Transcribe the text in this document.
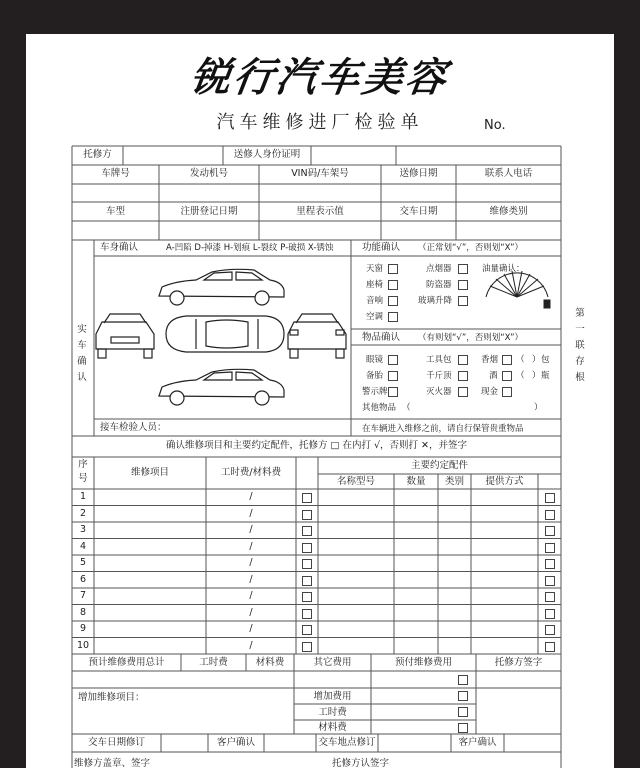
锐行汽车美容
汽车维修进厂检验单	No.
托修方	送修人身份证明
车牌号	发动机号	VIN码/车架号	送修日期	联系人电话
车型	注册登记日期	里程表示值	交车日期	维修类别
实车确认
车身确认	A-凹陷 D-掉漆 H-划痕 L-裂纹 P-破损 X-锈蚀
接车检验人员：
功能确认 （正常划“√”，否则划“X”）
天窗	点烟器
座椅	防盗器
音响	玻璃升降
空调
油量确认：
物品确认 （有则划“√”，否则划“X”）
眼镜	工具包	香烟 （ ） 包
备胎	千斤顶	酒 （ ） 瓶
警示牌	灭火器	现金
其他物品 （	）
在车辆进入维修之前，请自行保管贵重物品
第一联存根
确认维修项目和主要约定配件，托修方 □ 在内打 √，否则打 ✕，并签字
序号
维修项目	工时费/材料费
主要约定配件
名称型号	数量	类别	提供方式
1	/
2	/
3	/
4	/
5	/
6	/
7	/
8	/
9	/
10	/
预计维修费用总计	工时费	材料费	其它费用	预付维修费用	托修方签字
增加维修项目：	增加费用
工时费
材料费
交车日期修订	客户确认	交车地点修订	客户确认
维修方盖章、签字	托修方认签字
